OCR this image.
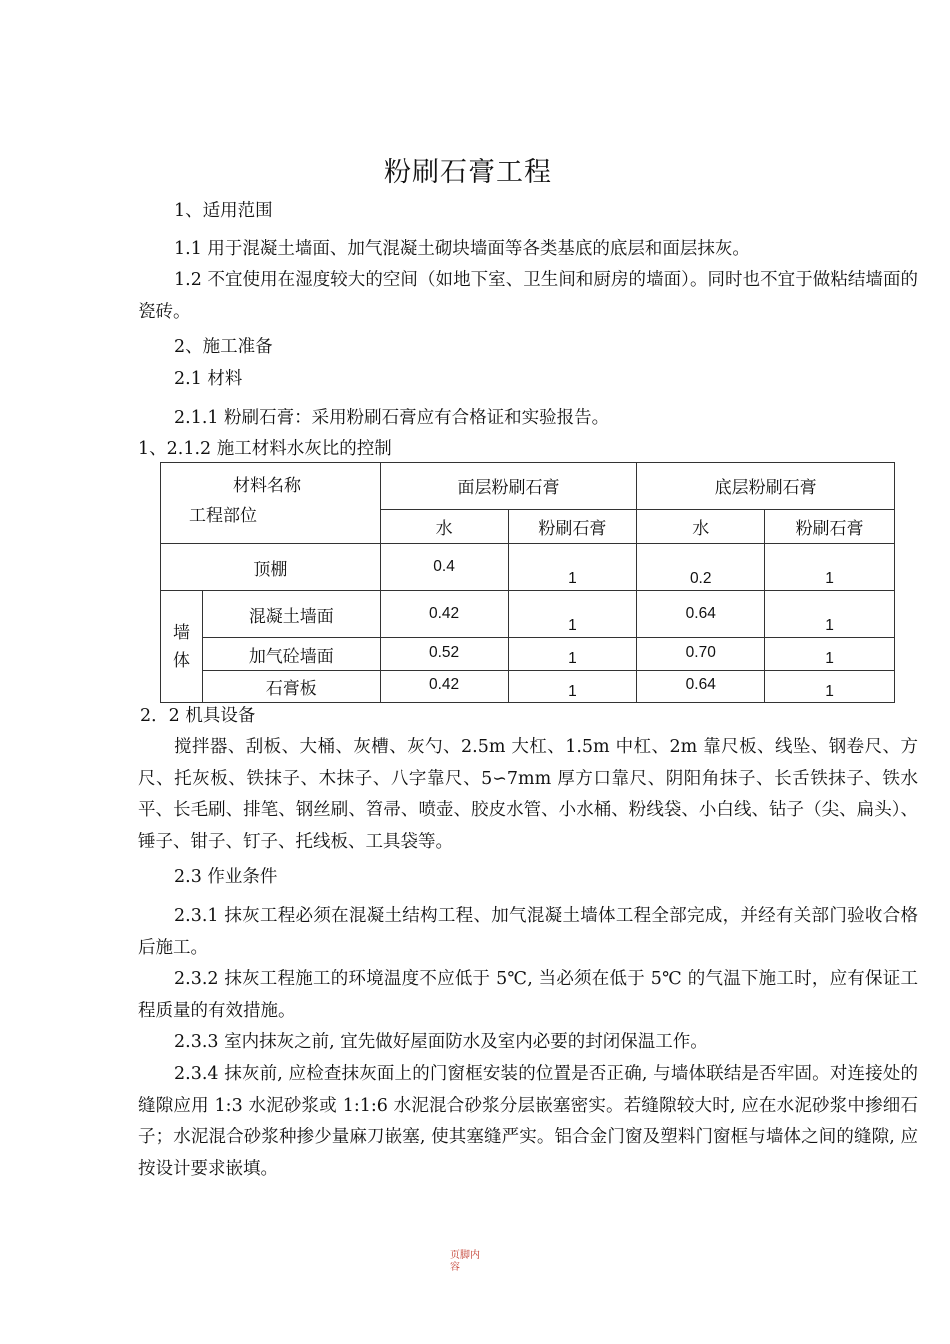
粉刷石膏工程
1、适用范围
1.1 用于混凝土墙面、加气混凝土砌块墙面等各类基底的底层和面层抹灰。
1.2 不宜使用在湿度较大的空间（如地下室、卫生间和厨房的墙面）。同时也不宜于做粘结墙面的瓷砖。
2、施工准备
2.1 材料
2.1.1 粉刷石膏：采用粉刷石膏应有合格证和实验报告。
1、2.1.2 施工材料水灰比的控制
材料名称
工程部位		面层粉刷石膏		底层粉刷石膏	
		水	粉刷石膏	水	粉刷石膏
顶棚		0.4	1	0.2	1
墙体	混凝土墙面	0.42	1	0.64	1
	加气砼墙面	0.52	1	0.70	1
	石膏板	0.42	1	0.64	1
2．2 机具设备
搅拌器、刮板、大桶、灰槽、灰勺、2.5m 大杠、1.5m 中杠、2m 靠尺板、线坠、钢卷尺、方尺、托灰板、铁抹子、木抹子、八字靠尺、5∽7mm 厚方口靠尺、阴阳角抹子、长舌铁抹子、铁水平、长毛刷、排笔、钢丝刷、笤帚、喷壶、胶皮水管、小水桶、粉线袋、小白线、钻子（尖、扁头）、锤子、钳子、钉子、托线板、工具袋等。
2.3 作业条件
2.3.1 抹灰工程必须在混凝土结构工程、加气混凝土墙体工程全部完成，并经有关部门验收合格后施工。
2.3.2 抹灰工程施工的环境温度不应低于 5℃, 当必须在低于 5℃ 的气温下施工时，应有保证工程质量的有效措施。
2.3.3 室内抹灰之前, 宜先做好屋面防水及室内必要的封闭保温工作。
2.3.4 抹灰前, 应检查抹灰面上的门窗框安装的位置是否正确, 与墙体联结是否牢固。对连接处的缝隙应用 1:3 水泥砂浆或 1:1:6 水泥混合砂浆分层嵌塞密实。若缝隙较大时, 应在水泥砂浆中掺细石子；水泥混合砂浆种掺少量麻刀嵌塞, 使其塞缝严实。铝合金门窗及塑料门窗框与墙体之间的缝隙, 应按设计要求嵌填。
页脚内容
